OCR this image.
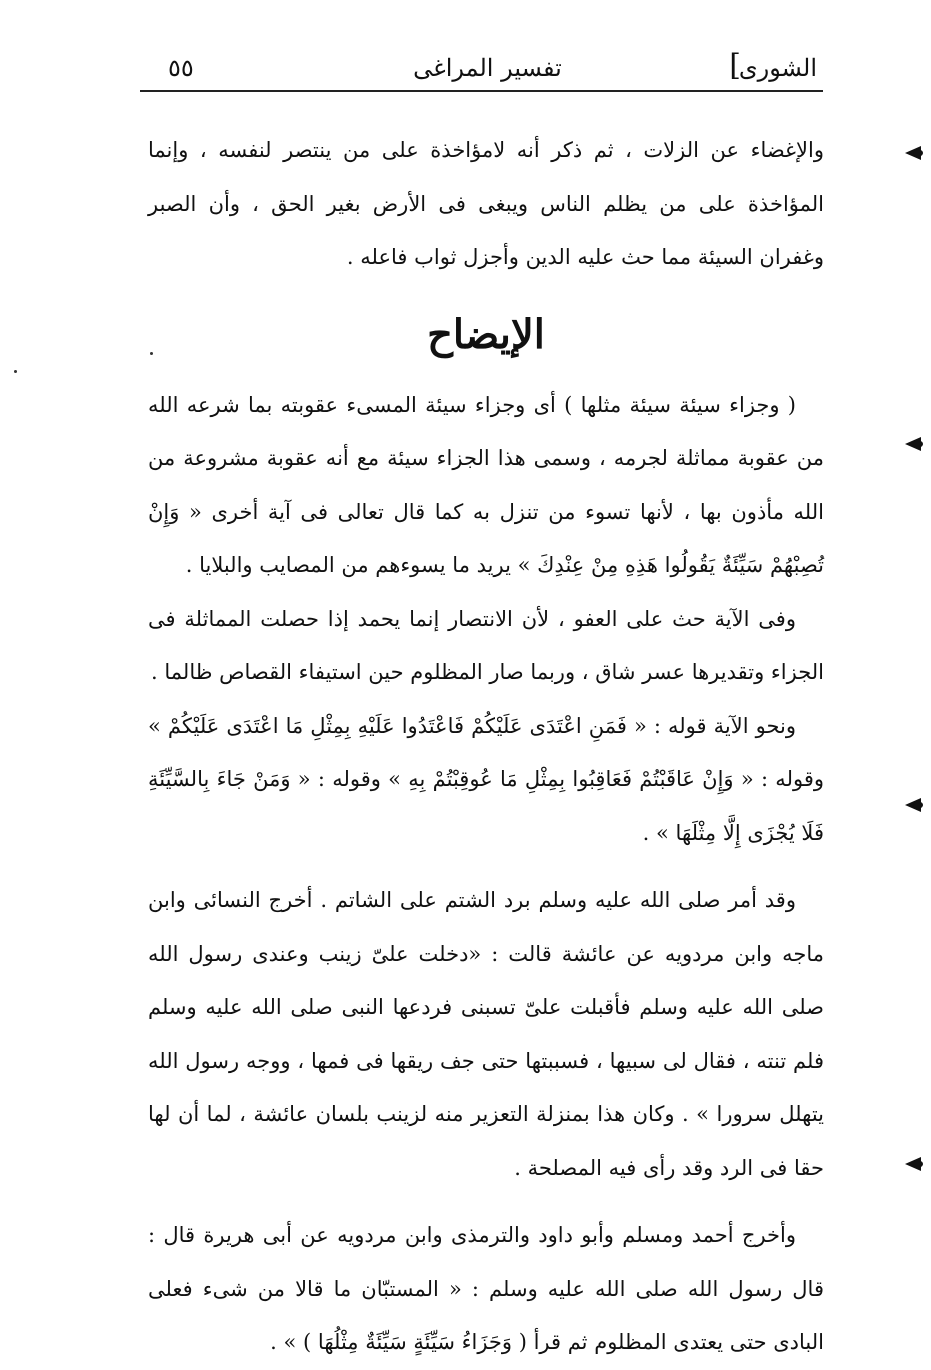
الشورى
]
تفسير المراغى
٥٥

والإغضاء عن الزلات ، ثم ذكر أنه لامؤاخذة على من ينتصر لنفسه ، وإنما المؤاخذة على من يظلم الناس ويبغى فى الأرض بغير الحق ، وأن الصبر وغفران السيئة مما حث عليه الدين وأجزل ثواب فاعله .

الإيضاح

( وجزاء سيئة سيئة مثلها ) أى وجزاء سيئة المسىء عقوبته بما شرعه الله من عقوبة مماثلة لجرمه ، وسمى هذا الجزاء سيئة مع أنه عقوبة مشروعة من الله مأذون بها ، لأنها تسوء من تنزل به كما قال تعالى فى آية أخرى « وَإِنْ تُصِبْهُمْ سَيِّئَةٌ يَقُولُوا هَذِهِ مِنْ عِنْدِكَ » يريد ما يسوءهم من المصايب والبلايا .

وفى الآية حث على العفو ، لأن الانتصار إنما يحمد إذا حصلت المماثلة فى الجزاء وتقديرها عسر شاق ، وربما صار المظلوم حين استيفاء القصاص ظالما .

ونحو الآية قوله : « فَمَنِ اعْتَدَى عَلَيْكُمْ فَاعْتَدُوا عَلَيْهِ بِمِثْلِ مَا اعْتَدَى عَلَيْكُمْ » وقوله : « وَإِنْ عَاقَبْتُمْ فَعَاقِبُوا بِمِثْلِ مَا عُوقِبْتُمْ بِهِ » وقوله : « وَمَنْ جَاءَ بِالسَّيِّئَةِ فَلَا يُجْزَى إِلَّا مِثْلَهَا » .

وقد أمر صلى الله عليه وسلم برد الشتم على الشاتم . أخرج النسائى وابن ماجه وابن مردويه عن عائشة قالت : «دخلت علىّ زينب وعندى رسول الله صلى الله عليه وسلم فأقبلت علىّ تسبنى فردعها النبى صلى الله عليه وسلم فلم تنته ، فقال لى سبيها ، فسببتها حتى جف ريقها فى فمها ، ووجه رسول الله يتهلل سرورا » . وكان هذا بمنزلة التعزير منه لزينب بلسان عائشة ، لما أن لها حقا فى الرد وقد رأى فيه المصلحة .

وأخرج أحمد ومسلم وأبو داود والترمذى وابن مردويه عن أبى هريرة قال : قال رسول الله صلى الله عليه وسلم : « المستبّان ما قالا من شىء فعلى البادى حتى يعتدى المظلوم ثم قرأ ( وَجَزَاءُ سَيِّئَةٍ سَيِّئَةٌ مِثْلُهَا ) » .
